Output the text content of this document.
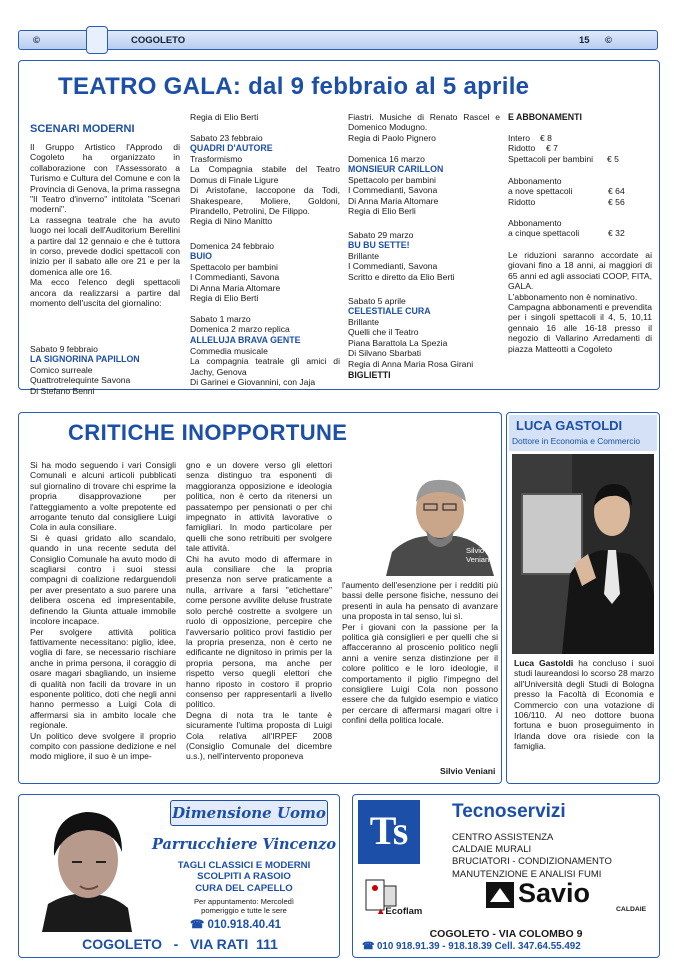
©	COGOLETO	15 ©
TEATRO GALA: dal 9 febbraio al 5 aprile
SCENARI MODERNI
Il Gruppo Artistico l'Approdo di Cogoleto ha organizzato in collaborazione con l'Assessorato a Turismo e Cultura del Comune e con la Provincia di Genova, la prima rassegna "Il Teatro d'inverno" intitolata "Scenari moderni".
La rassegna teatrale che ha avuto luogo nei locali dell'Auditorium Berellini a partire dal 12 gennaio e che è tuttora in corso, prevede dodici spettacoli con inizio per il sabato alle ore 21 e per la domenica alle ore 16.
Ma ecco l'elenco degli spettacoli ancora da realizzarsi a partire dal momento dell'uscita del giornalino:
Sabato 9 febbraio
LA SIGNORINA PAPILLON
Comico surreale
Quattrotrelequinte Savona
Di Stefano Benni
Regia di Elio Berti
Sabato 23 febbraio
QUADRI D'AUTORE
Trasformismo
La Compagnia stabile del Teatro Domus di Finale Ligure
Di Aristofane, Iaccopone da Todi, Shakespeare, Moliere, Goldoni, Pirandello, Petrolini, De Filippo.
Regia di Nino Manitto
Domenica 24 febbraio
BUIO
Spettacolo per bambini
I Commedianti, Savona
Di Anna Maria Altomare
Regia di Elio Berti
Sabato 1 marzo
Domenica 2 marzo replica
ALLELUJA BRAVA GENTE
Commedia musicale
La compagnia teatrale gli amici di Jachy, Genova
Di Garinei e Giovannini, con Jaja
Fiastri. Musiche di Renato Rascel e Domenico Modugno.
Regia di Paolo Pignero
Domenica 16 marzo
MONSIEUR CARILLON
Spettacolo per bambini
I Commedianti, Savona
Di Anna Maria Altomare
Regia di Elio Berli
Sabato 29 marzo
BU BU SETTE!
Brillante
I Commedianti, Savona
Scritto e diretto da Elio Berti
Sabato 5 aprile
CELESTIALE CURA
Brillante
Quelli che il Teatro
Piana Barattola La Spezia
Di Silvano Sbarbati
Regia di Anna Maria Rosa Girani
BIGLIETTI
E ABBONAMENTI
Intero € 8
Ridotto € 7
Spettacoli per bambini € 5
Abbonamento
a nove spettacoli	€ 64
Ridotto	€ 56
Abbonamento
a cinque spettacoli	€ 32
Le riduzioni saranno accordate ai giovani fino a 18 anni, ai maggiori di 65 anni ed agli associati COOP, FITA, GALA.
L'abbonamento non è nominativo.
Campagna abbonamenti e prevendita per i singoli spettacoli il 4, 5, 10,11 gennaio 16 alle 16-18 presso il negozio di Vallarino Arredamenti di piazza Matteotti a Cogoleto
CRITICHE INOPPORTUNE
Si ha modo seguendo i vari Consigli Comunali e alcuni articoli pubblicati sul giornalino di trovare chi esprime la propria disapprovazione per l'atteggiamento a volte prepotente ed arrogante tenuto dal consigliere Luigi Cola in aula consiliare.
Si è quasi gridato allo scandalo, quando in una recente seduta del Consiglio Comunale ha avuto modo di scagliarsi contro i suoi stessi compagni di coalizione redarguendoli per aver presentato a suo parere una delibera oscena ed impresentabile, definendo la Giunta attuale immobile incolore incapace.
Per svolgere attività politica fattivamente necessitano: piglio, idee, voglia di fare, se necessario rischiare anche in prima persona, il coraggio di osare magari sbagliando, un insieme di qualità non facili da trovare in un esponente politico, doti che negli anni hanno permesso a Luigi Cola di affermarsi sia in ambito locale che regionale.
Un politico deve svolgere il proprio compito con passione dedizione e nel modo migliore, il suo è un impe-
gno e un dovere verso gli elettori senza distinguo tra esponenti di maggioranza opposizione e ideologia politica, non è certo da ritenersi un passatempo per pensionati o per chi impegnato in attività lavorative o famigliari. In modo particolare per quelli che sono retribuiti per svolgere tale attività.
Chi ha avuto modo di affermare in aula consiliare che la propria presenza non serve praticamente a nulla, arrivare a farsi "etichettare" come persone avvilite deluse frustrate solo perché costrette a svolgere un ruolo di opposizione, percepire che l'avversario politico provi fastidio per la propria presenza, non è certo ne edificante ne dignitoso in primis per la propria persona, ma anche per rispetto verso quegli elettori che hanno riposto in costoro il proprio consenso per rappresentarli a livello politico.
Degna di nota tra le tante è sicuramente l'ultima proposta di Luigi Cola relativa all'IRPEF 2008 (Consiglio Comunale del dicembre u.s.), nell'intervento proponeva
Silvio
Veniani
l'aumento dell'esenzione per i redditi più bassi delle persone fisiche, nessuno dei presenti in aula ha pensato di avanzare una proposta in tal senso, lui sì.
Per i giovani con la passione per la politica già consiglieri e per quelli che si affacceranno al proscenio politico negli anni a venire senza distinzione per il colore politico e le loro ideologie, il comportamento il piglio l'impegno del consigliere Luigi Cola non possono essere che da fulgido esempio e viatico per cercare di affermarsi magari oltre i confini della politica locale.
Silvio Veniani
LUCA GASTOLDI
Dottore in Economia e Commercio
Luca Gastoldi ha concluso i suoi studi laureandosi lo scorso 28 marzo all'Università degli Studi di Bologna presso la Facoltà di Economia e Commercio con una votazione di 106/110. Al neo dottore buona fortuna e buon proseguimento in Irlanda dove ora risiede con la famiglia.
Dimensione Uomo
Parrucchiere Vincenzo
TAGLI CLASSICI E MODERNI
SCOLPITI A RASOIO
CURA DEL CAPELLO
Per appuntamento: Mercoledì
pomeriggio e tutte le sere
☎ 010.918.40.41
COGOLETO   -   VIA RATI  111
Ts	Tecnoservizi
CENTRO ASSISTENZA
CALDAIE MURALI
BRUCIATORI - CONDIZIONAMENTO
MANUTENZIONE E ANALISI FUMI
▲Ecoflam
Savio
CALDAIE
COGOLETO - VIA COLOMBO 9
☎ 010 918.91.39 - 918.18.39 Cell. 347.64.55.492
